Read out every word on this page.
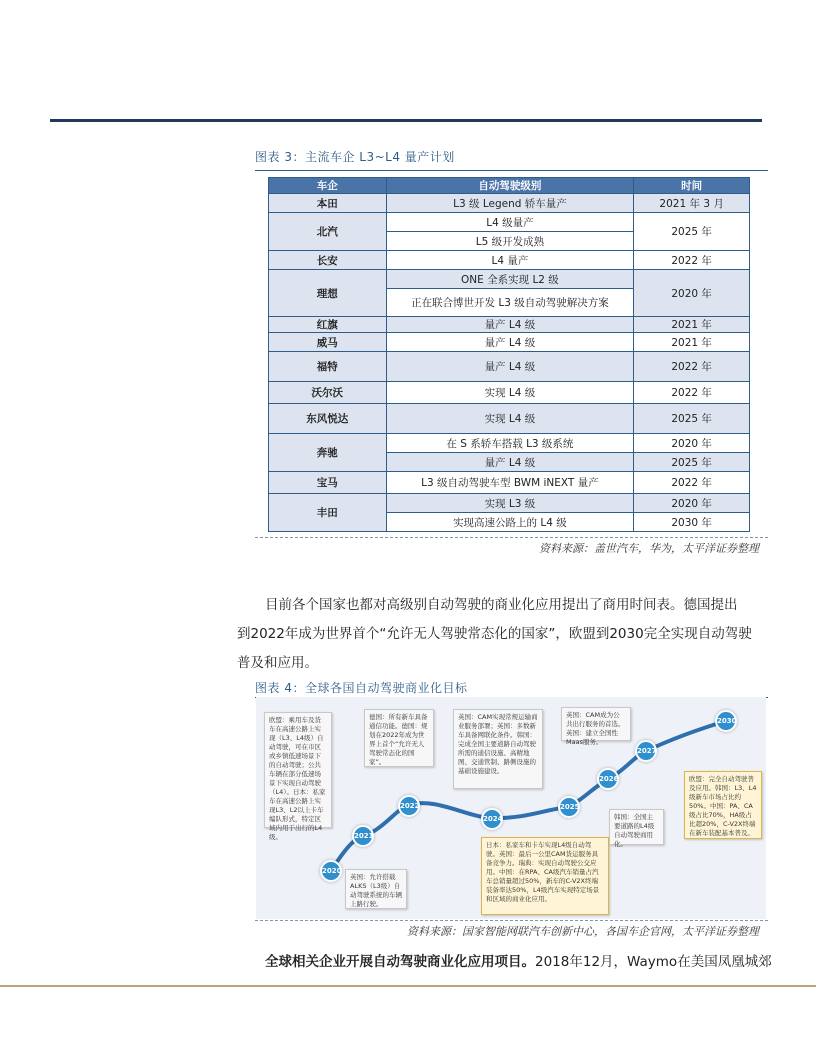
图表 3：主流车企 L3~L4 量产计划
车企	自动驾驶级别	时间
本田	L3 级 Legend 轿车量产	2021 年 3 月
北汽	L4 级量产	2025 年
	L5 级开发成熟	
长安	L4 量产	2022 年
理想	ONE 全系实现 L2 级	2020 年
	正在联合博世开发 L3 级自动驾驶解决方案	
红旗	量产 L4 级	2021 年
威马	量产 L4 级	2021 年
福特	量产 L4 级	2022 年
沃尔沃	实现 L4 级	2022 年
东风悦达	实现 L4 级	2025 年
奔驰	在 S 系轿车搭载 L3 级系统	2020 年
	量产 L4 级	2025 年
宝马	L3 级自动驾驶车型 BWM iNEXT 量产	2022 年
丰田	实现 L3 级	2020 年
	实现高速公路上的 L4 级	2030 年
资料来源：盖世汽车，华为，太平洋证券整理
目前各个国家也都对高级别自动驾驶的商业化应用提出了商用时间表。德国提出
到2022年成为世界首个“允许无人驾驶常态化的国家”，欧盟到2030完全实现自动驾驶
普及和应用。
图表 4：全球各国自动驾驶商业化目标
2020
2021
2022
2024
2025
2026
2027
2030
欧盟：乘用车及货车在高速公路上实现（L3、L4级）自动驾驶，可在市区或乡镇低速场景下的自动驾驶；公共车辆在部分低速场景下实现自动驾驶（L4）。日本：私家车在高速公路上实现L3、L2以上卡车编队形式，特定区域内用于出行的L4级。
英国：允许搭载ALKS（L3级）自动驾驶系统的车辆上路行驶。
德国：所有新车具备通信功能。德国：规划在2022年成为世界上首个“允许无人驾驶常态化的国家”。
英国：CAM实现常规运输商业服务部署；英国：多数新车具备网联化条件。韩国：完成全国主要道路自动驾驶所需的通信设施、高精地图、交通管制、路侧设施的基础设施建设。
日本：私家车和卡车实现L4级自动驾驶。英国：最后一公里CAM货运服务具备竞争力。瑞典：实现自动驾驶公交应用。中国：在RPA、CA级汽车销量占汽车总销量超过50%，新车的C-V2X终端装备率达50%，L4级汽车实现特定场景和区域的商业化应用。
韩国：全国主要道路的L4级自动驾驶商用化。
英国：CAM成为公共出行服务的首选。英国：建立全国性Maas服务。
欧盟：完全自动驾驶普及应用。韩国：L3、L4级新车市场占比约50%。中国：PA、CA级占比70%，HA级占比超20%，C-V2X终端在新车装配基本普及。
资料来源：国家智能网联汽车创新中心，各国车企官网，太平洋证券整理
全球相关企业开展自动驾驶商业化应用项目。2018年12月，Waymo在美国凤凰城郊
